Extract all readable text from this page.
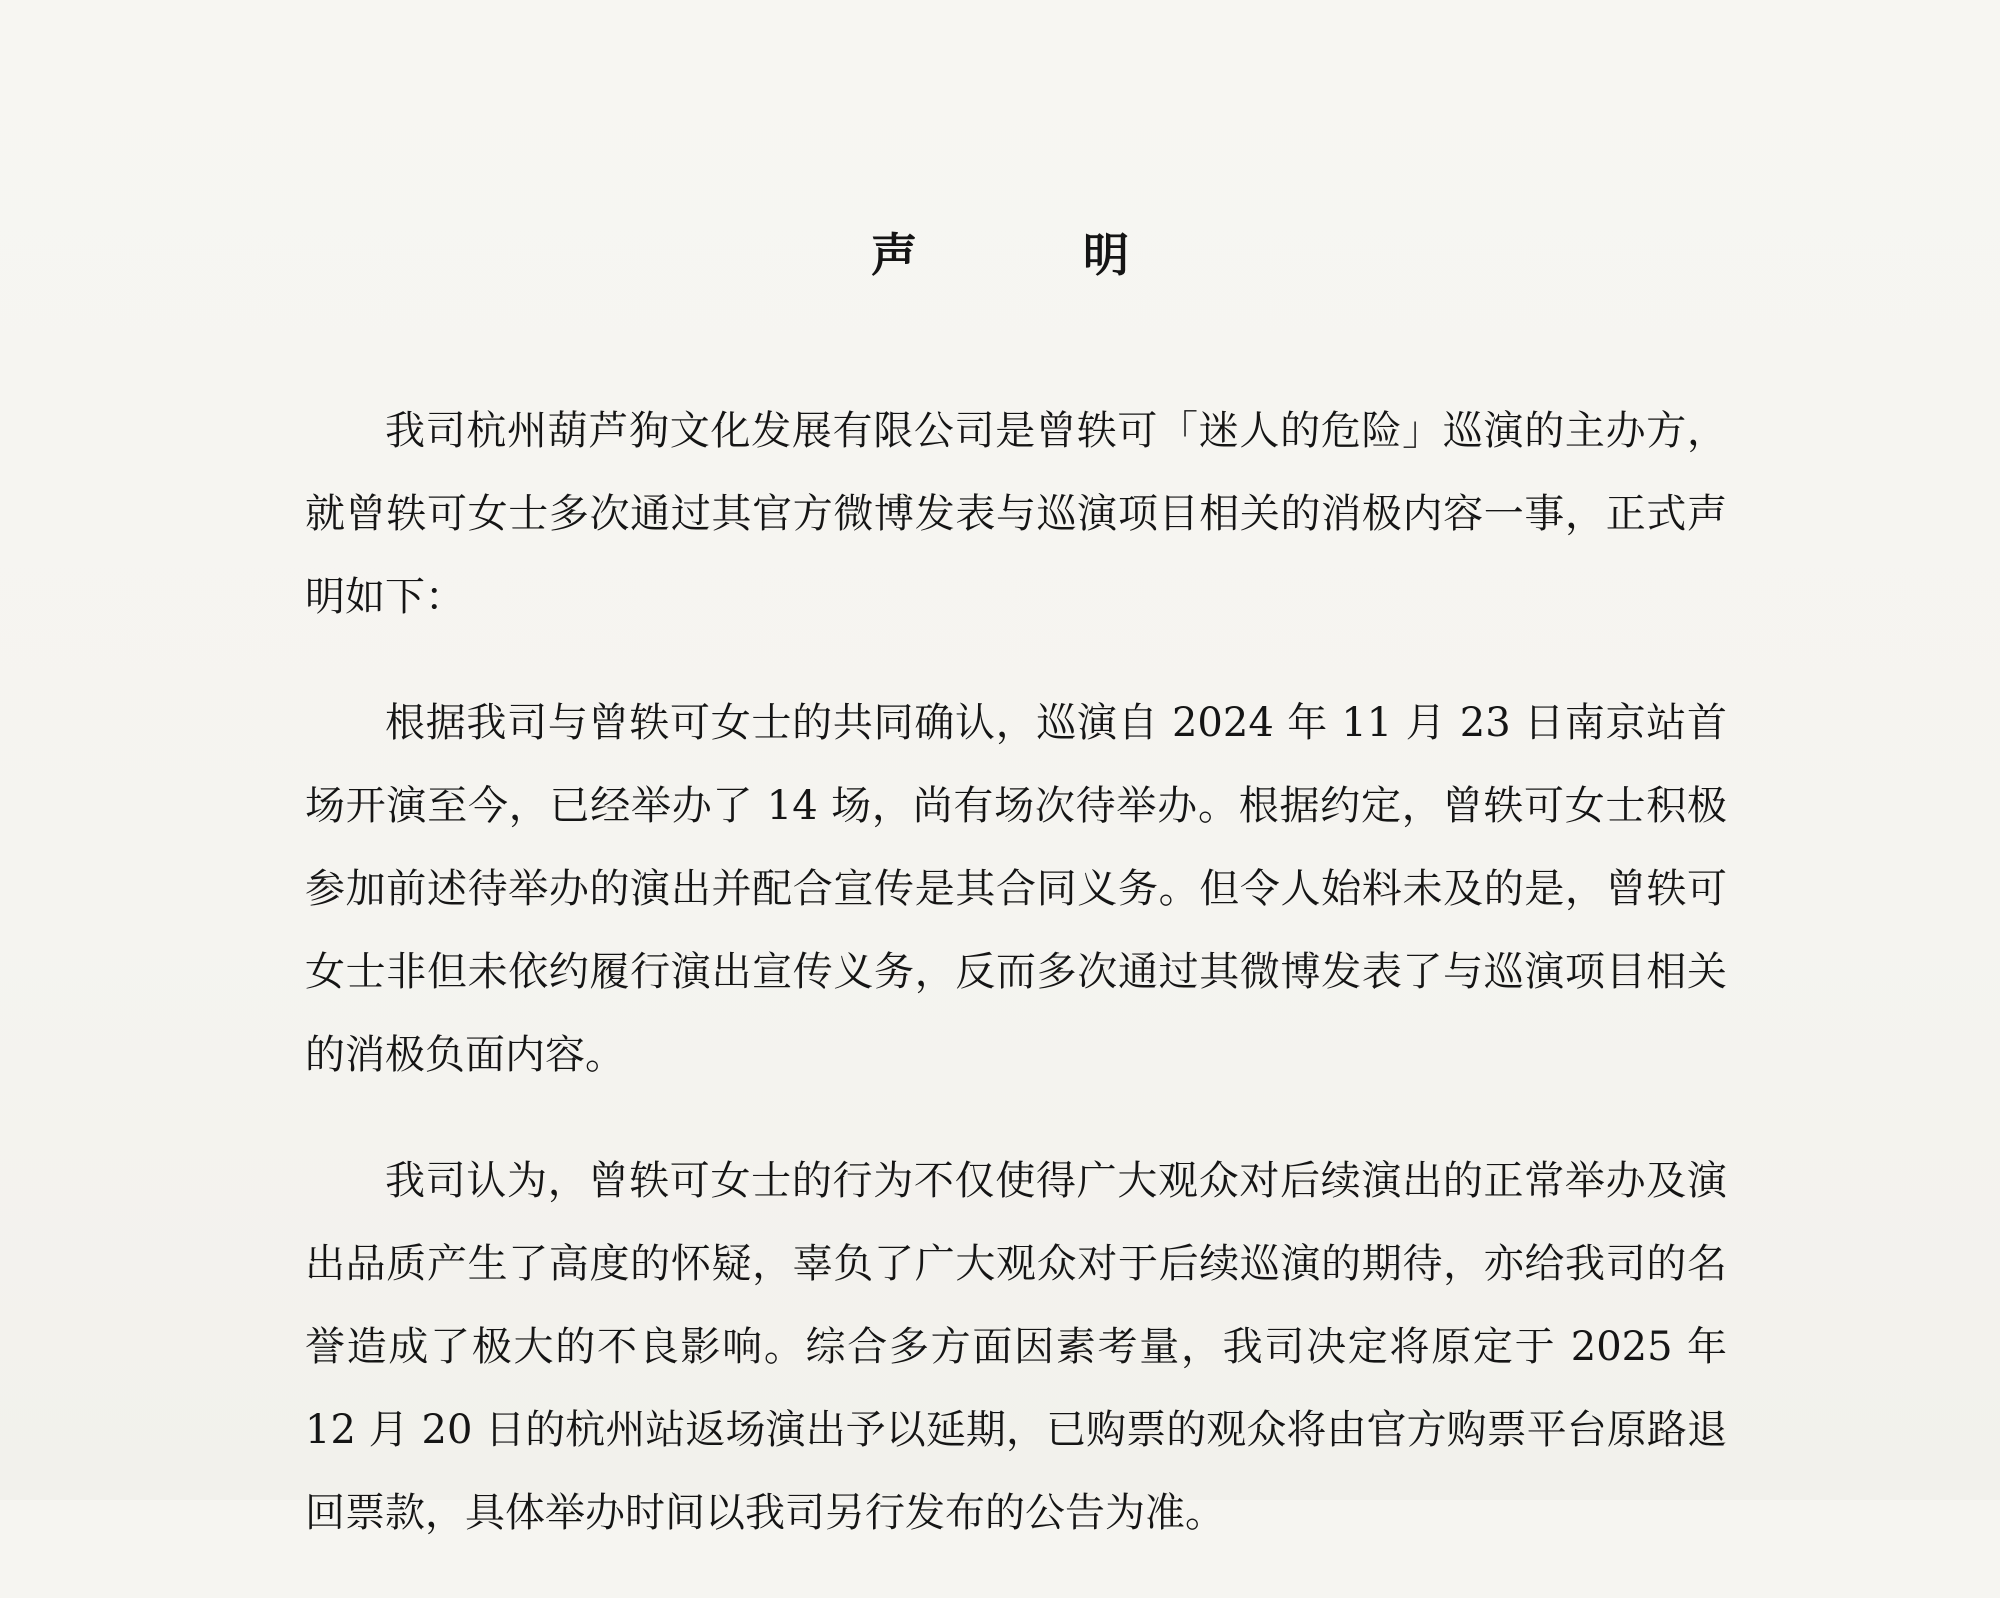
声　明

我司杭州葫芦狗文化发展有限公司是曾轶可「迷人的危险」巡演的主办方，就曾轶可女士多次通过其官方微博发表与巡演项目相关的消极内容一事，正式声明如下：

根据我司与曾轶可女士的共同确认，巡演自 2024 年 11 月 23 日南京站首场开演至今，已经举办了 14 场，尚有场次待举办。根据约定，曾轶可女士积极参加前述待举办的演出并配合宣传是其合同义务。但令人始料未及的是，曾轶可女士非但未依约履行演出宣传义务，反而多次通过其微博发表了与巡演项目相关的消极负面内容。

我司认为，曾轶可女士的行为不仅使得广大观众对后续演出的正常举办及演出品质产生了高度的怀疑，辜负了广大观众对于后续巡演的期待，亦给我司的名誉造成了极大的不良影响。综合多方面因素考量，我司决定将原定于 2025 年 12 月 20 日的杭州站返场演出予以延期，已购票的观众将由官方购票平台原路退回票款，具体举办时间以我司另行发布的公告为准。
